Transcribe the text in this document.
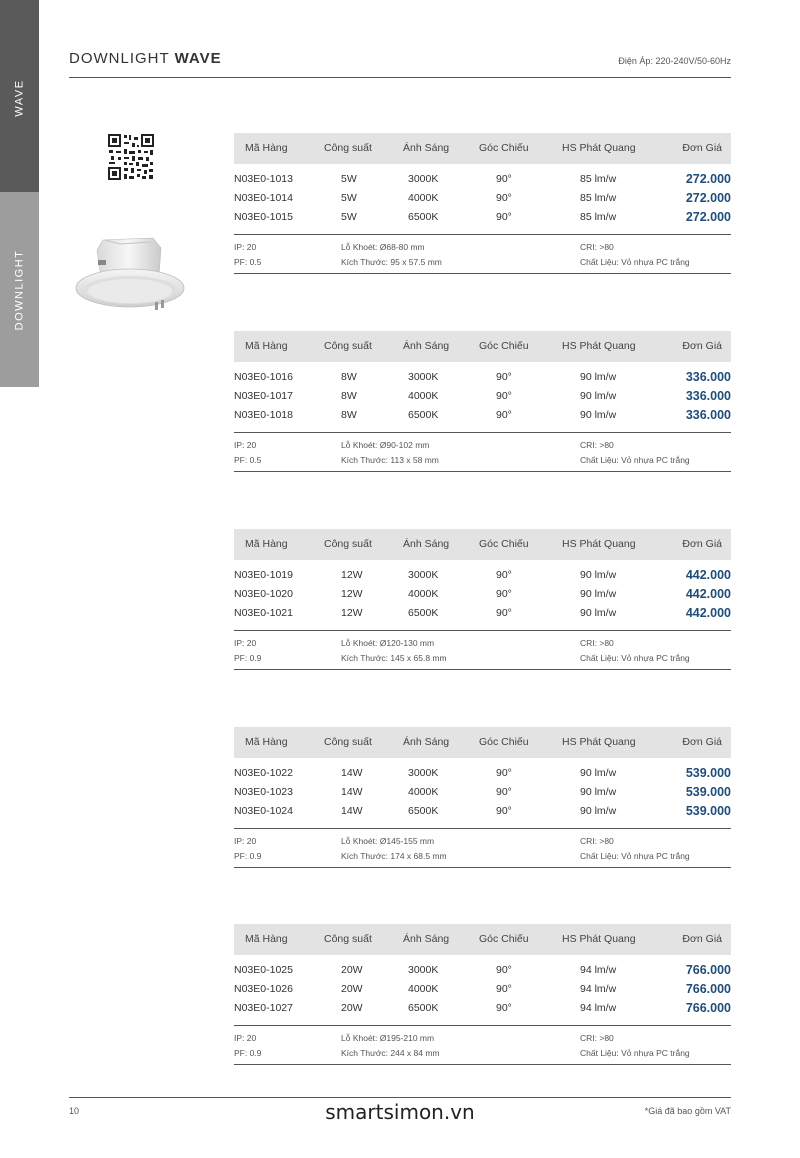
WAVE
DOWNLIGHT
DOWNLIGHT WAVE	Điện Áp: 220-240V/50-60Hz
Mã Hàng	Công suất	Ánh Sáng	Góc Chiếu	HS Phát Quang	Đơn Giá
N03E0-1013	5W	3000K	90°	85 lm/w	272.000
N03E0-1014	5W	4000K	90°	85 lm/w	272.000
N03E0-1015	5W	6500K	90°	85 lm/w	272.000
IP: 20
PF: 0.5
Lỗ Khoét: Ø68-80 mm
Kích Thước: 95 x 57.5 mm
CRI: >80
Chất Liệu: Vỏ nhựa PC trắng
Mã Hàng	Công suất	Ánh Sáng	Góc Chiếu	HS Phát Quang	Đơn Giá
N03E0-1016	8W	3000K	90°	90 lm/w	336.000
N03E0-1017	8W	4000K	90°	90 lm/w	336.000
N03E0-1018	8W	6500K	90°	90 lm/w	336.000
IP: 20
PF: 0.5
Lỗ Khoét: Ø90-102 mm
Kích Thước: 113 x 58 mm
CRI: >80
Chất Liệu: Vỏ nhựa PC trắng
Mã Hàng	Công suất	Ánh Sáng	Góc Chiếu	HS Phát Quang	Đơn Giá
N03E0-1019	12W	3000K	90°	90 lm/w	442.000
N03E0-1020	12W	4000K	90°	90 lm/w	442.000
N03E0-1021	12W	6500K	90°	90 lm/w	442.000
IP: 20
PF: 0.9
Lỗ Khoét: Ø120-130 mm
Kích Thước: 145 x 65.8 mm
CRI: >80
Chất Liệu: Vỏ nhựa PC trắng
Mã Hàng	Công suất	Ánh Sáng	Góc Chiếu	HS Phát Quang	Đơn Giá
N03E0-1022	14W	3000K	90°	90 lm/w	539.000
N03E0-1023	14W	4000K	90°	90 lm/w	539.000
N03E0-1024	14W	6500K	90°	90 lm/w	539.000
IP: 20
PF: 0.9
Lỗ Khoét: Ø145-155 mm
Kích Thước: 174 x 68.5 mm
CRI: >80
Chất Liệu: Vỏ nhựa PC trắng
Mã Hàng	Công suất	Ánh Sáng	Góc Chiếu	HS Phát Quang	Đơn Giá
N03E0-1025	20W	3000K	90°	94 lm/w	766.000
N03E0-1026	20W	4000K	90°	94 lm/w	766.000
N03E0-1027	20W	6500K	90°	94 lm/w	766.000
IP: 20
PF: 0.9
Lỗ Khoét: Ø195-210 mm
Kích Thước: 244 x 84 mm
CRI: >80
Chất Liệu: Vỏ nhựa PC trắng
10	smartsimon.vn	*Giá đã bao gồm VAT
